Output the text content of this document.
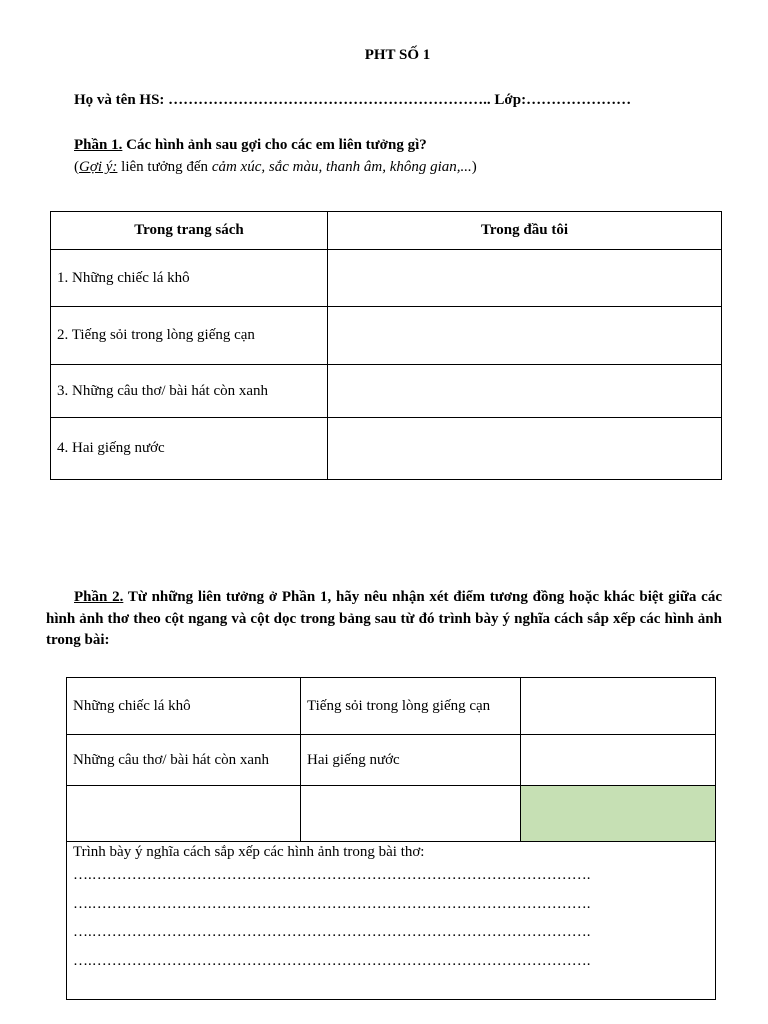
PHT SỐ 1
Họ và tên HS: ……………………………………………………….. Lớp:…………………
Phần 1. Các hình ảnh sau gợi cho các em liên tưởng gì?
(Gợi ý: liên tưởng đến cảm xúc, sắc màu, thanh âm, không gian,...)
Trong trang sách	Trong đầu tôi
1. Những chiếc lá khô	
2. Tiếng sỏi trong lòng giếng cạn	
3. Những câu thơ/ bài hát còn xanh	
4. Hai giếng nước	
Phần 2. Từ những liên tưởng ở Phần 1, hãy nêu nhận xét điểm tương đồng hoặc khác biệt giữa các hình ảnh thơ theo cột ngang và cột dọc trong bảng sau từ đó trình bày ý nghĩa cách sắp xếp các hình ảnh trong bài:
Những chiếc lá khô	Tiếng sỏi trong lòng giếng cạn	
Những câu thơ/ bài hát còn xanh	Hai giếng nước	

Trình bày ý nghĩa cách sắp xếp các hình ảnh trong bài thơ:
….……………………………………………………………………………………….
….……………………………………………………………………………………….
….……………………………………………………………………………………….
….……………………………………………………………………………………….		
